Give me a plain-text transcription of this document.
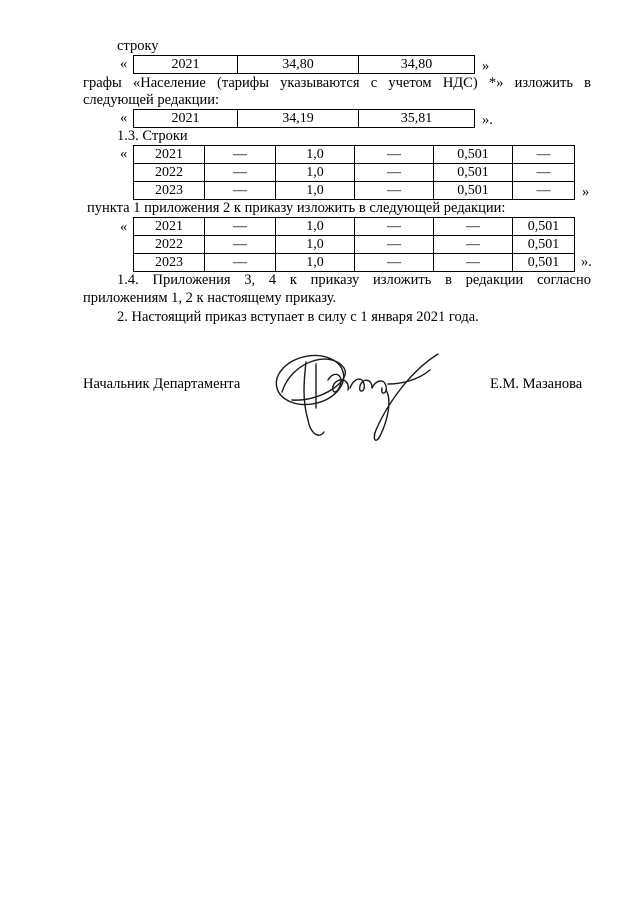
строку
«	2021	34,80	34,80	»
графы «Население (тарифы указываются с учетом НДС) *» изложить в
следующей редакции:
«	2021	34,19	35,81	».
1.3. Строки
« 2021	—	1,0	—	0,501	—
2022	—	1,0	—	0,501	—
2023	—	1,0	—	0,501	— »
пункта 1 приложения 2 к приказу изложить в следующей редакции:
« 2021	—	1,0	—	—	0,501
2022	—	1,0	—	—	0,501
2023	—	1,0	—	—	0,501 ».
1.4. Приложения 3, 4 к приказу изложить в редакции согласно
приложениям 1, 2 к настоящему приказу.
2. Настоящий приказ вступает в силу с 1 января 2021 года.
Начальник Департамента	Е.М. Мазанова
